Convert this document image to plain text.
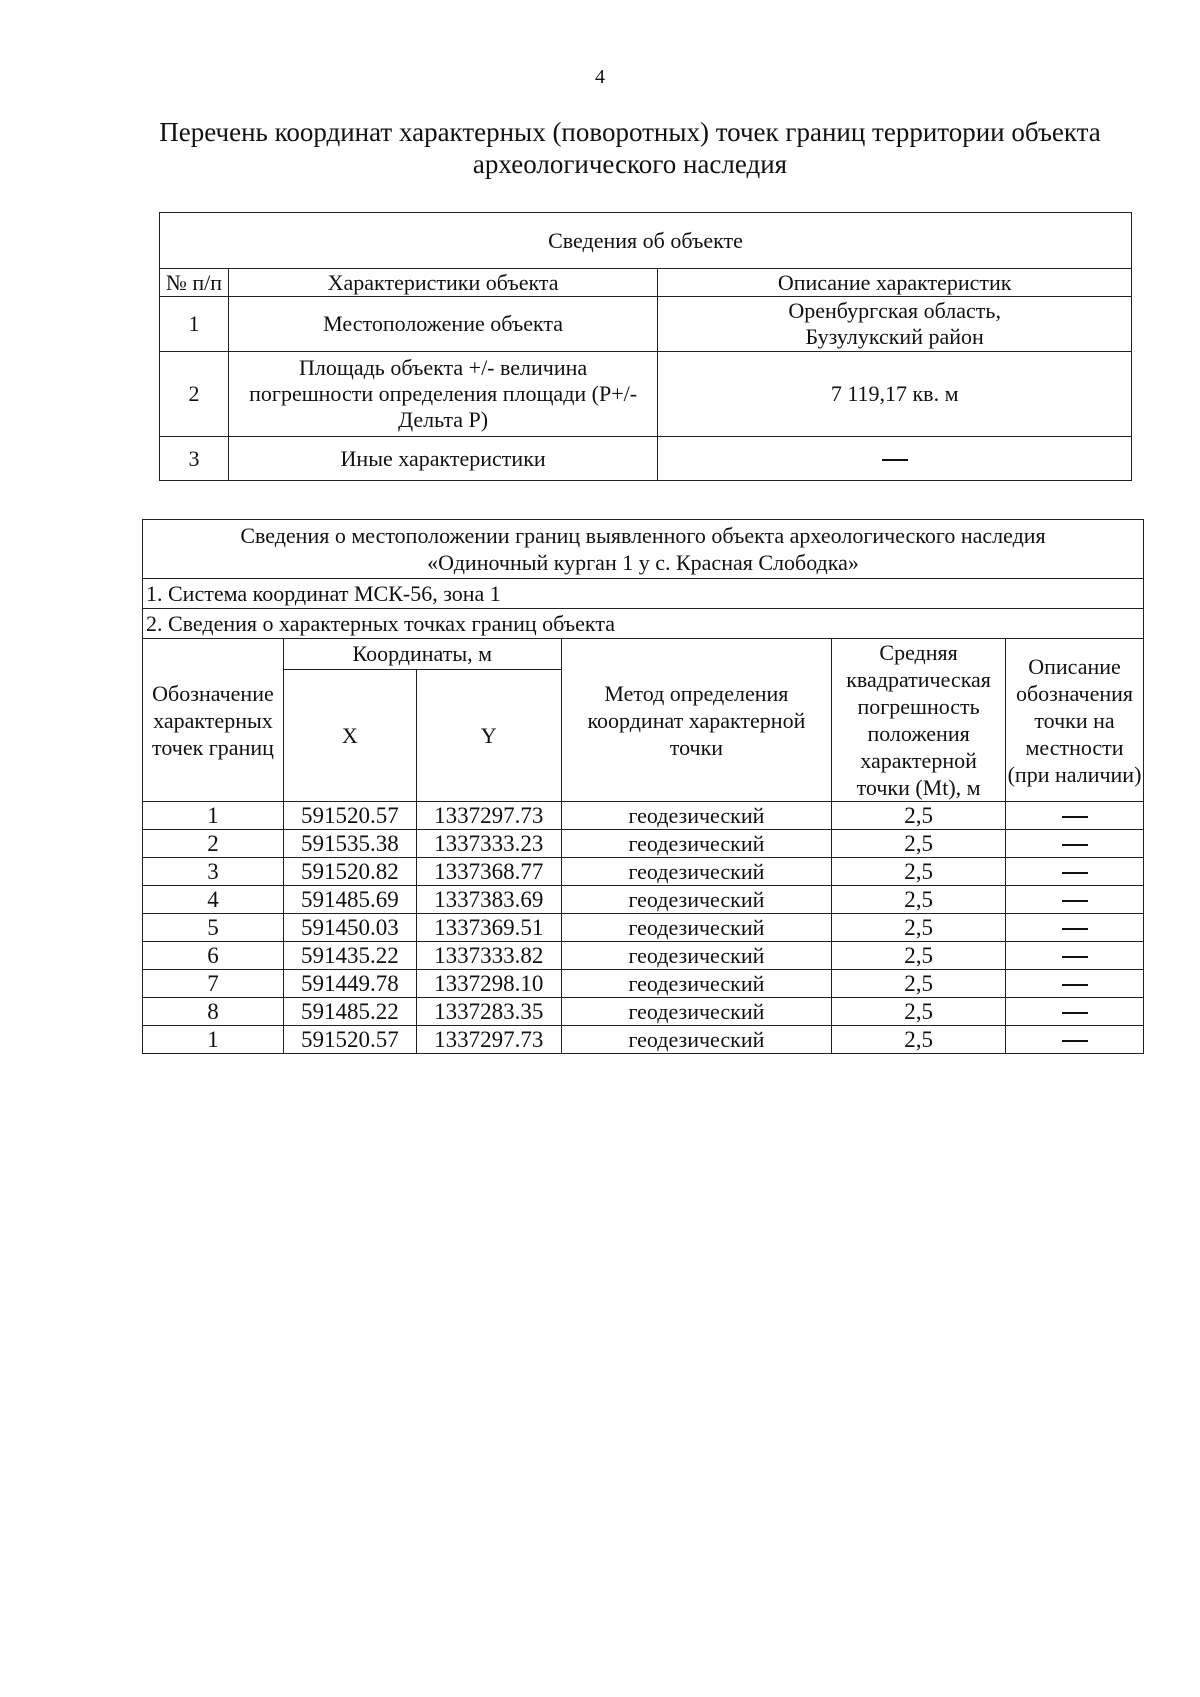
4
Перечень координат характерных (поворотных) точек границ территории объекта археологического наследия
Сведения об объекте		
№ п/п	Характеристики объекта	Описание характеристик
1	Местоположение объекта	Оренбургская область, Бузулукский район
2	Площадь объекта +/- величина погрешности определения площади (Р+/- Дельта Р)	7 119,17 кв. м
3	Иные характеристики	
Сведения о местоположении границ выявленного объекта археологического наследия «Одиночный курган 1 у с. Красная Слободка»					
1. Система координат МСК-56, зона 1					
2. Сведения о характерных точках границ объекта					
Обозначение характерных точек границ	Координаты, м		Метод определения координат характерной точки	Средняя квадратическая погрешность положения характерной точки (Mt), м	Описание обозначения точки на местности (при наличии)
	X	Y			
1	591520.57	1337297.73	геодезический	2,5	
2	591535.38	1337333.23	геодезический	2,5	
3	591520.82	1337368.77	геодезический	2,5	
4	591485.69	1337383.69	геодезический	2,5	
5	591450.03	1337369.51	геодезический	2,5	
6	591435.22	1337333.82	геодезический	2,5	
7	591449.78	1337298.10	геодезический	2,5	
8	591485.22	1337283.35	геодезический	2,5	
1	591520.57	1337297.73	геодезический	2,5	
